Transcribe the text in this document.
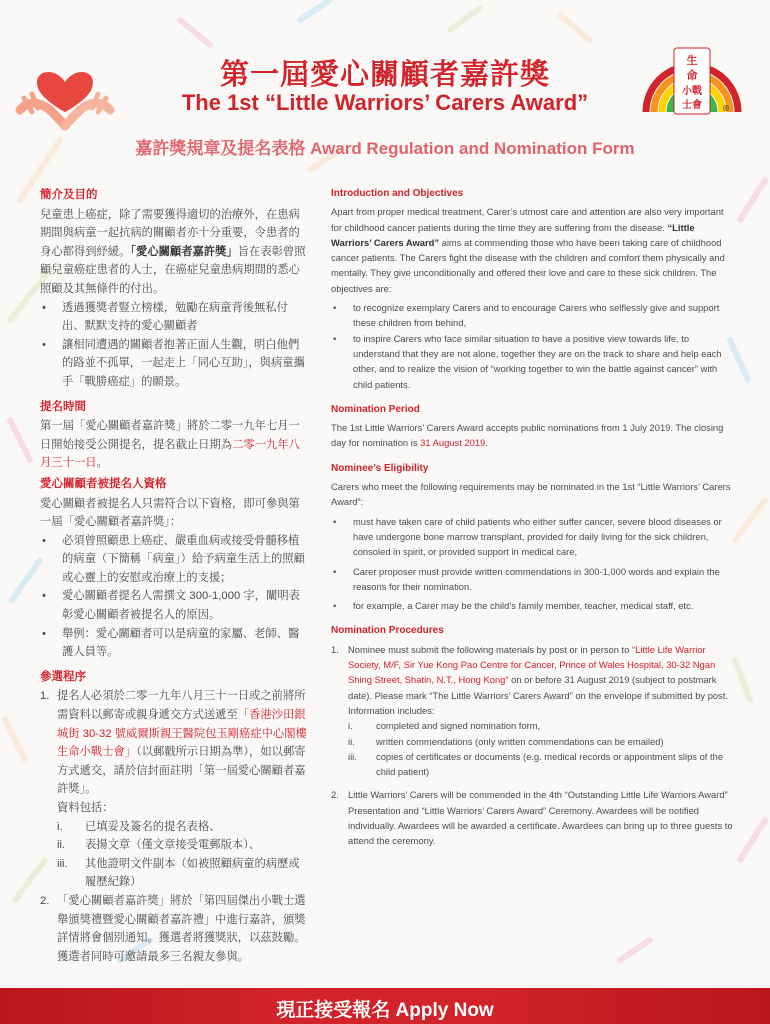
第一屆愛心關顧者嘉許獎
The 1st “Little Warriors’ Carers Award”
生
命
小戰
士會	®
嘉許獎規章及提名表格 Award Regulation and Nomination Form
簡介及目的

兒童患上癌症，除了需要獲得適切的治療外，在患病期間與病童一起抗病的關顧者亦十分重要，令患者的身心都得到紓緩。「愛心關顧者嘉許獎」旨在表彰曾照顧兒童癌症患者的人士，在癌症兒童患病期間的悉心照顧及其無條件的付出。

• 透過獲獎者豎立榜樣，勉勵在病童背後無私付出、默默支持的愛心關顧者
• 讓相同遭遇的關顧者抱著正面人生觀，明白他們的路並不孤單，一起走上「同心互助」，與病童攜手「戰勝癌症」的願景。
提名時間

第一屆「愛心關顧者嘉許獎」將於二零一九年七月一日開始接受公開提名，提名截止日期為二零一九年八月三十一日。

愛心關顧者被提名人資格

愛心關顧者被提名人只需符合以下資格，即可參與第一屆「愛心關顧者嘉許獎」：

• 必須曾照顧患上癌症、嚴重血病或接受骨髓移植的病童（下簡稱「病童」）給予病童生活上的照顧或心靈上的安慰或治療上的支援；
• 愛心關顧者提名人需撰文 300-1,000 字，闡明表彰愛心關顧者被提名人的原因。
• 舉例：愛心關顧者可以是病童的家屬、老師、醫護人員等。
參選程序
1. 提名人必須於二零一九年八月三十一日或之前將所需資料以郵寄或親身遞交方式送遞至「香港沙田銀城街 30-32 號威爾斯親王醫院包玉剛癌症中心閣樓 生命小戰士會」（以郵戳所示日期為準），如以郵寄方式遞交，請於信封面註明「第一屆愛心關顧者嘉許獎」。
資料包括：
i. 已填妥及簽名的提名表格、
ii. 表揚文章（僅文章接受電郵版本）、
iii. 其他證明文件副本（如被照顧病童的病歷或履歷紀錄）
2. 「愛心關顧者嘉許獎」將於「第四屆傑出小戰士選舉頒獎禮暨愛心關顧者嘉許禮」中進行嘉許，頒獎詳情將會個別通知。獲選者將獲獎狀，以茲鼓勵。獲選者同時可邀請最多三名親友參與。
Introduction and Objectives

Apart from proper medical treatment, Carer’s utmost care and attention are also very important for childhood cancer patients during the time they are suffering from the disease. “Little Warriors’ Carers Award” aims at commending those who have been taking care of childhood cancer patients. The Carers fight the disease with the children and comfort them physically and mentally. They give unconditionally and offered their love and care to these sick children. The objectives are:

• to recognize exemplary Carers and to encourage Carers who selflessly give and support these children from behind,
• to inspire Carers who face similar situation to have a positive view towards life, to understand that they are not alone, together they are on the track to share and help each other, and to realize the vision of “working together to win the battle against cancer” with child patients.
Nomination Period

The 1st Little Warriors’ Carers Award accepts public nominations from 1 July 2019. The closing day for nomination is 31 August 2019.

Nominee’s Eligibility

Carers who meet the following requirements may be nominated in the 1st “Little Warriors’ Carers Award”:

• must have taken care of child patients who either suffer cancer, severe blood diseases or have undergone bone marrow transplant, provided for daily living for the sick children, consoled in spirit, or provided support in medical care,
• Carer proposer must provide written commendations in 300-1,000 words and explain the reasons for their nomination.
• for example, a Carer may be the child’s family member, teacher, medical staff, etc.
Nomination Procedures
1. Nominee must submit the following materials by post or in person to “Little Life Warrior Society, M/F, Sir Yue Kong Pao Centre for Cancer, Prince of Wales Hospital, 30-32 Ngan Shing Street, Shatin, N.T., Hong Kong” on or before 31 August 2019 (subject to postmark date). Please mark “The Little Warriors’ Carers Award” on the envelope if submitted by post.
Information includes:
i. completed and signed nomination form,
ii. written commendations (only written commendations can be emailed)
iii. copies of certificates or documents (e.g. medical records or appointment slips of the child patient)
2. Little Warriors’ Carers will be commended in the 4th “Outstanding Little Life Warriors Award” Presentation and “Little Warriors’ Carers Award” Ceremony. Awardees will be notified individually. Awardees will be awarded a certificate. Awardees can bring up to three guests to attend the ceremony.
現正接受報名 Apply Now
